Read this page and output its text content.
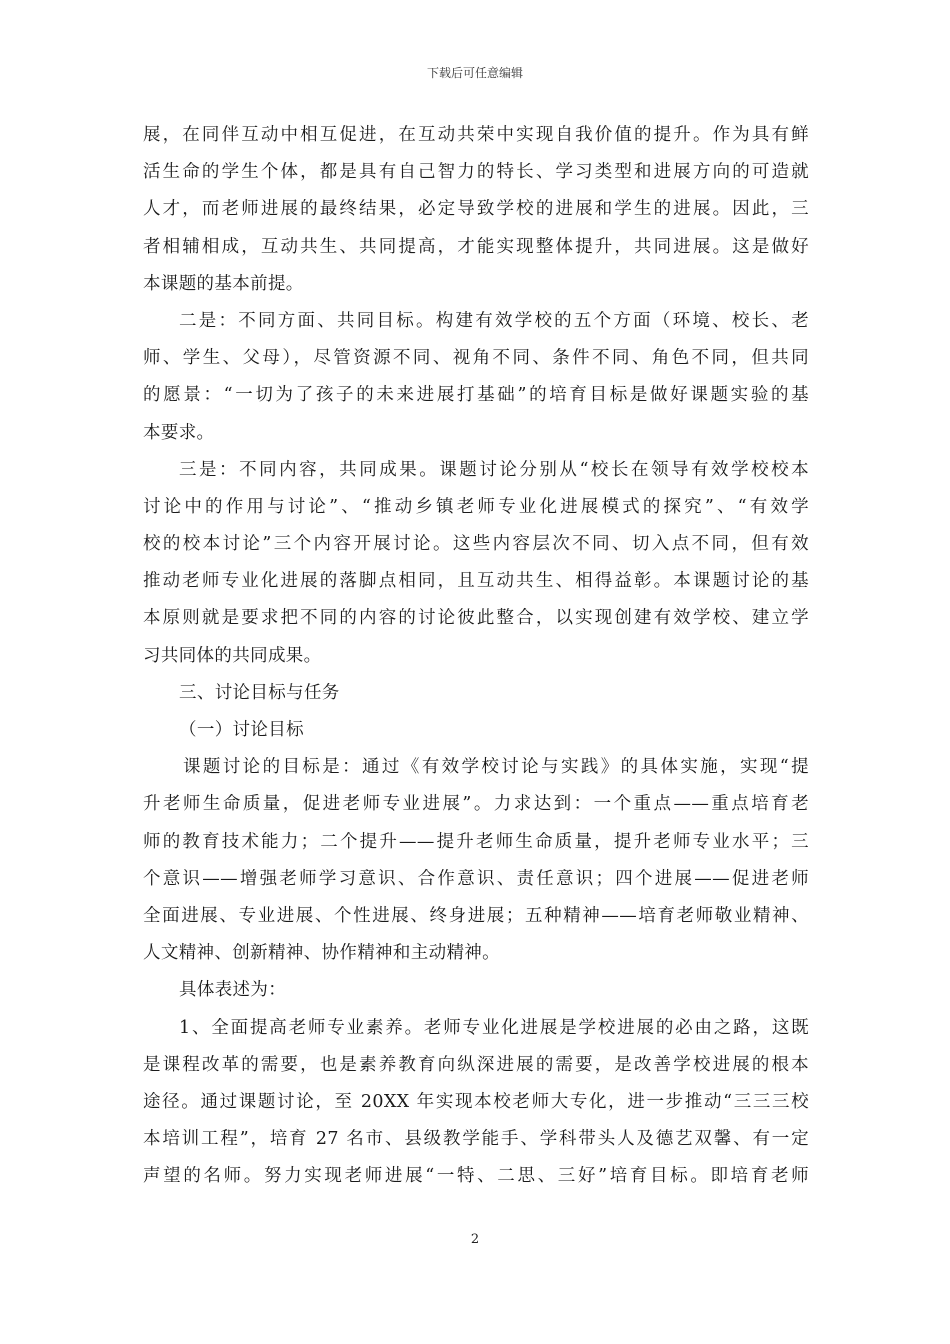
下载后可任意编辑
展，在同伴互动中相互促进，在互动共荣中实现自我价值的提升。作为具有鲜
活生命的学生个体，都是具有自己智力的特长、学习类型和进展方向的可造就
人才，而老师进展的最终结果，必定导致学校的进展和学生的进展。因此，三
者相辅相成，互动共生、共同提高，才能实现整体提升，共同进展。这是做好
本课题的基本前提。
二是：不同方面、共同目标。构建有效学校的五个方面（环境、校长、老
师、学生、父母），尽管资源不同、视角不同、条件不同、角色不同，但共同
的愿景：“一切为了孩子的未来进展打基础”的培育目标是做好课题实验的基
本要求。
三是：不同内容，共同成果。课题讨论分别从“校长在领导有效学校校本
讨论中的作用与讨论”、“推动乡镇老师专业化进展模式的探究”、“有效学
校的校本讨论”三个内容开展讨论。这些内容层次不同、切入点不同，但有效
推动老师专业化进展的落脚点相同，且互动共生、相得益彰。本课题讨论的基
本原则就是要求把不同的内容的讨论彼此整合，以实现创建有效学校、建立学
习共同体的共同成果。
三、讨论目标与任务
（一）讨论目标
课题讨论的目标是：通过《有效学校讨论与实践》的具体实施，实现“提
升老师生命质量，促进老师专业进展”。力求达到：一个重点——重点培育老
师的教育技术能力；二个提升——提升老师生命质量，提升老师专业水平；三
个意识——增强老师学习意识、合作意识、责任意识；四个进展——促进老师
全面进展、专业进展、个性进展、终身进展；五种精神——培育老师敬业精神、
人文精神、创新精神、协作精神和主动精神。
具体表述为：
1、全面提高老师专业素养。老师专业化进展是学校进展的必由之路，这既
是课程改革的需要，也是素养教育向纵深进展的需要，是改善学校进展的根本
途径。通过课题讨论，至 20XX 年实现本校老师大专化，进一步推动“三三三校
本培训工程”，培育 27 名市、县级教学能手、学科带头人及德艺双馨、有一定
声望的名师。努力实现老师进展“一特、二思、三好”培育目标。即培育老师
2
